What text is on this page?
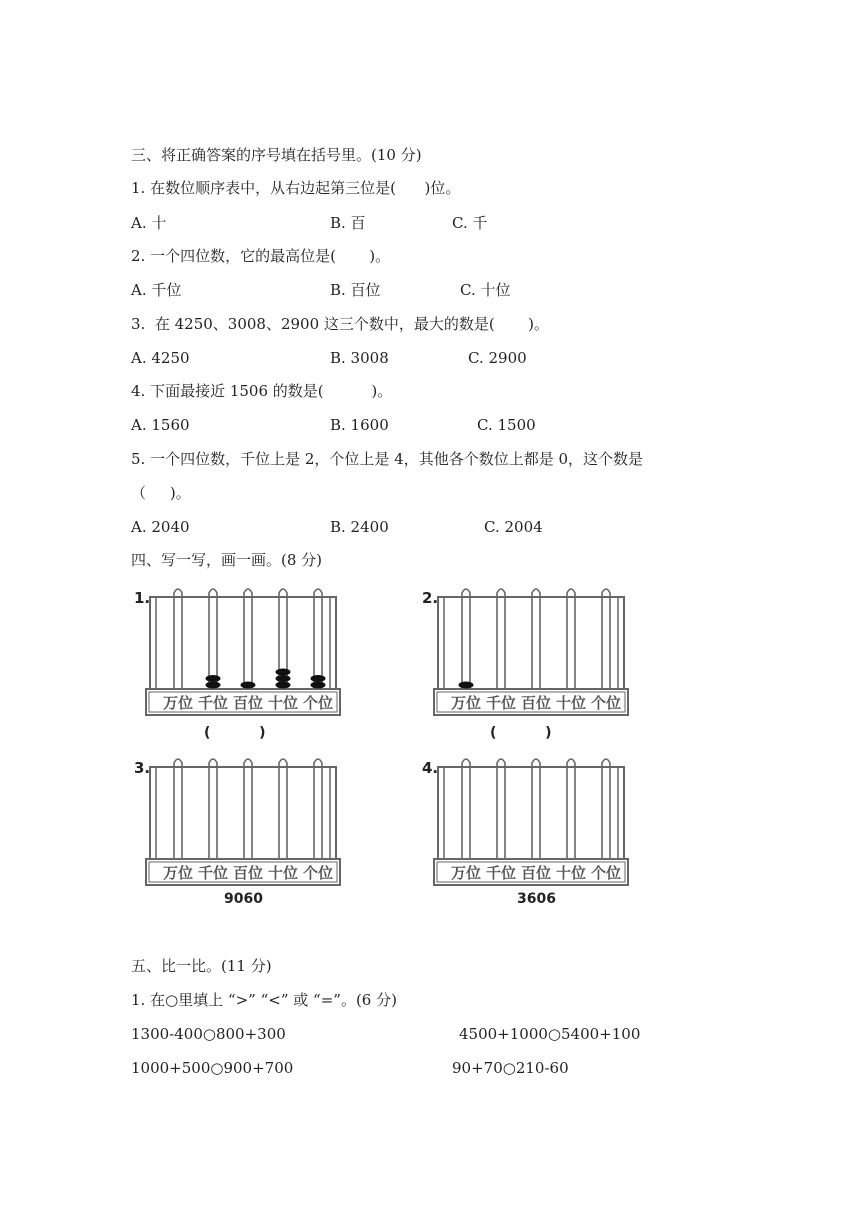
三、将正确答案的序号填在括号里。(10 分)
1. 在数位顺序表中，从右边起第三位是(      )位。
A. 十	B. 百	C. 千
2. 一个四位数，它的最高位是(       )。
A. 千位	B. 百位	C. 十位
3.  在 4250、3008、2900 这三个数中，最大的数是(       )。
A. 4250	B. 3008	C. 2900
4. 下面最接近 1506 的数是(          )。
A. 1560	B. 1600	C. 1500
5. 一个四位数，千位上是 2，个位上是 4，其他各个数位上都是 0，这个数是
（     )。
A. 2040	B. 2400	C. 2004
四、写一写，画一画。(8 分)
1.
万位 千位 百位 十位 个位
(          )
2.
万位 千位 百位 十位 个位
(          )
3.
万位 千位 百位 十位 个位
9060
4.
万位 千位 百位 十位 个位
3606
五、比一比。(11 分)
1. 在○里填上 “>” “<” 或 “=”。(6 分)
1300-400○800+300	4500+1000○5400+100
1000+500○900+700	90+70○210-60
